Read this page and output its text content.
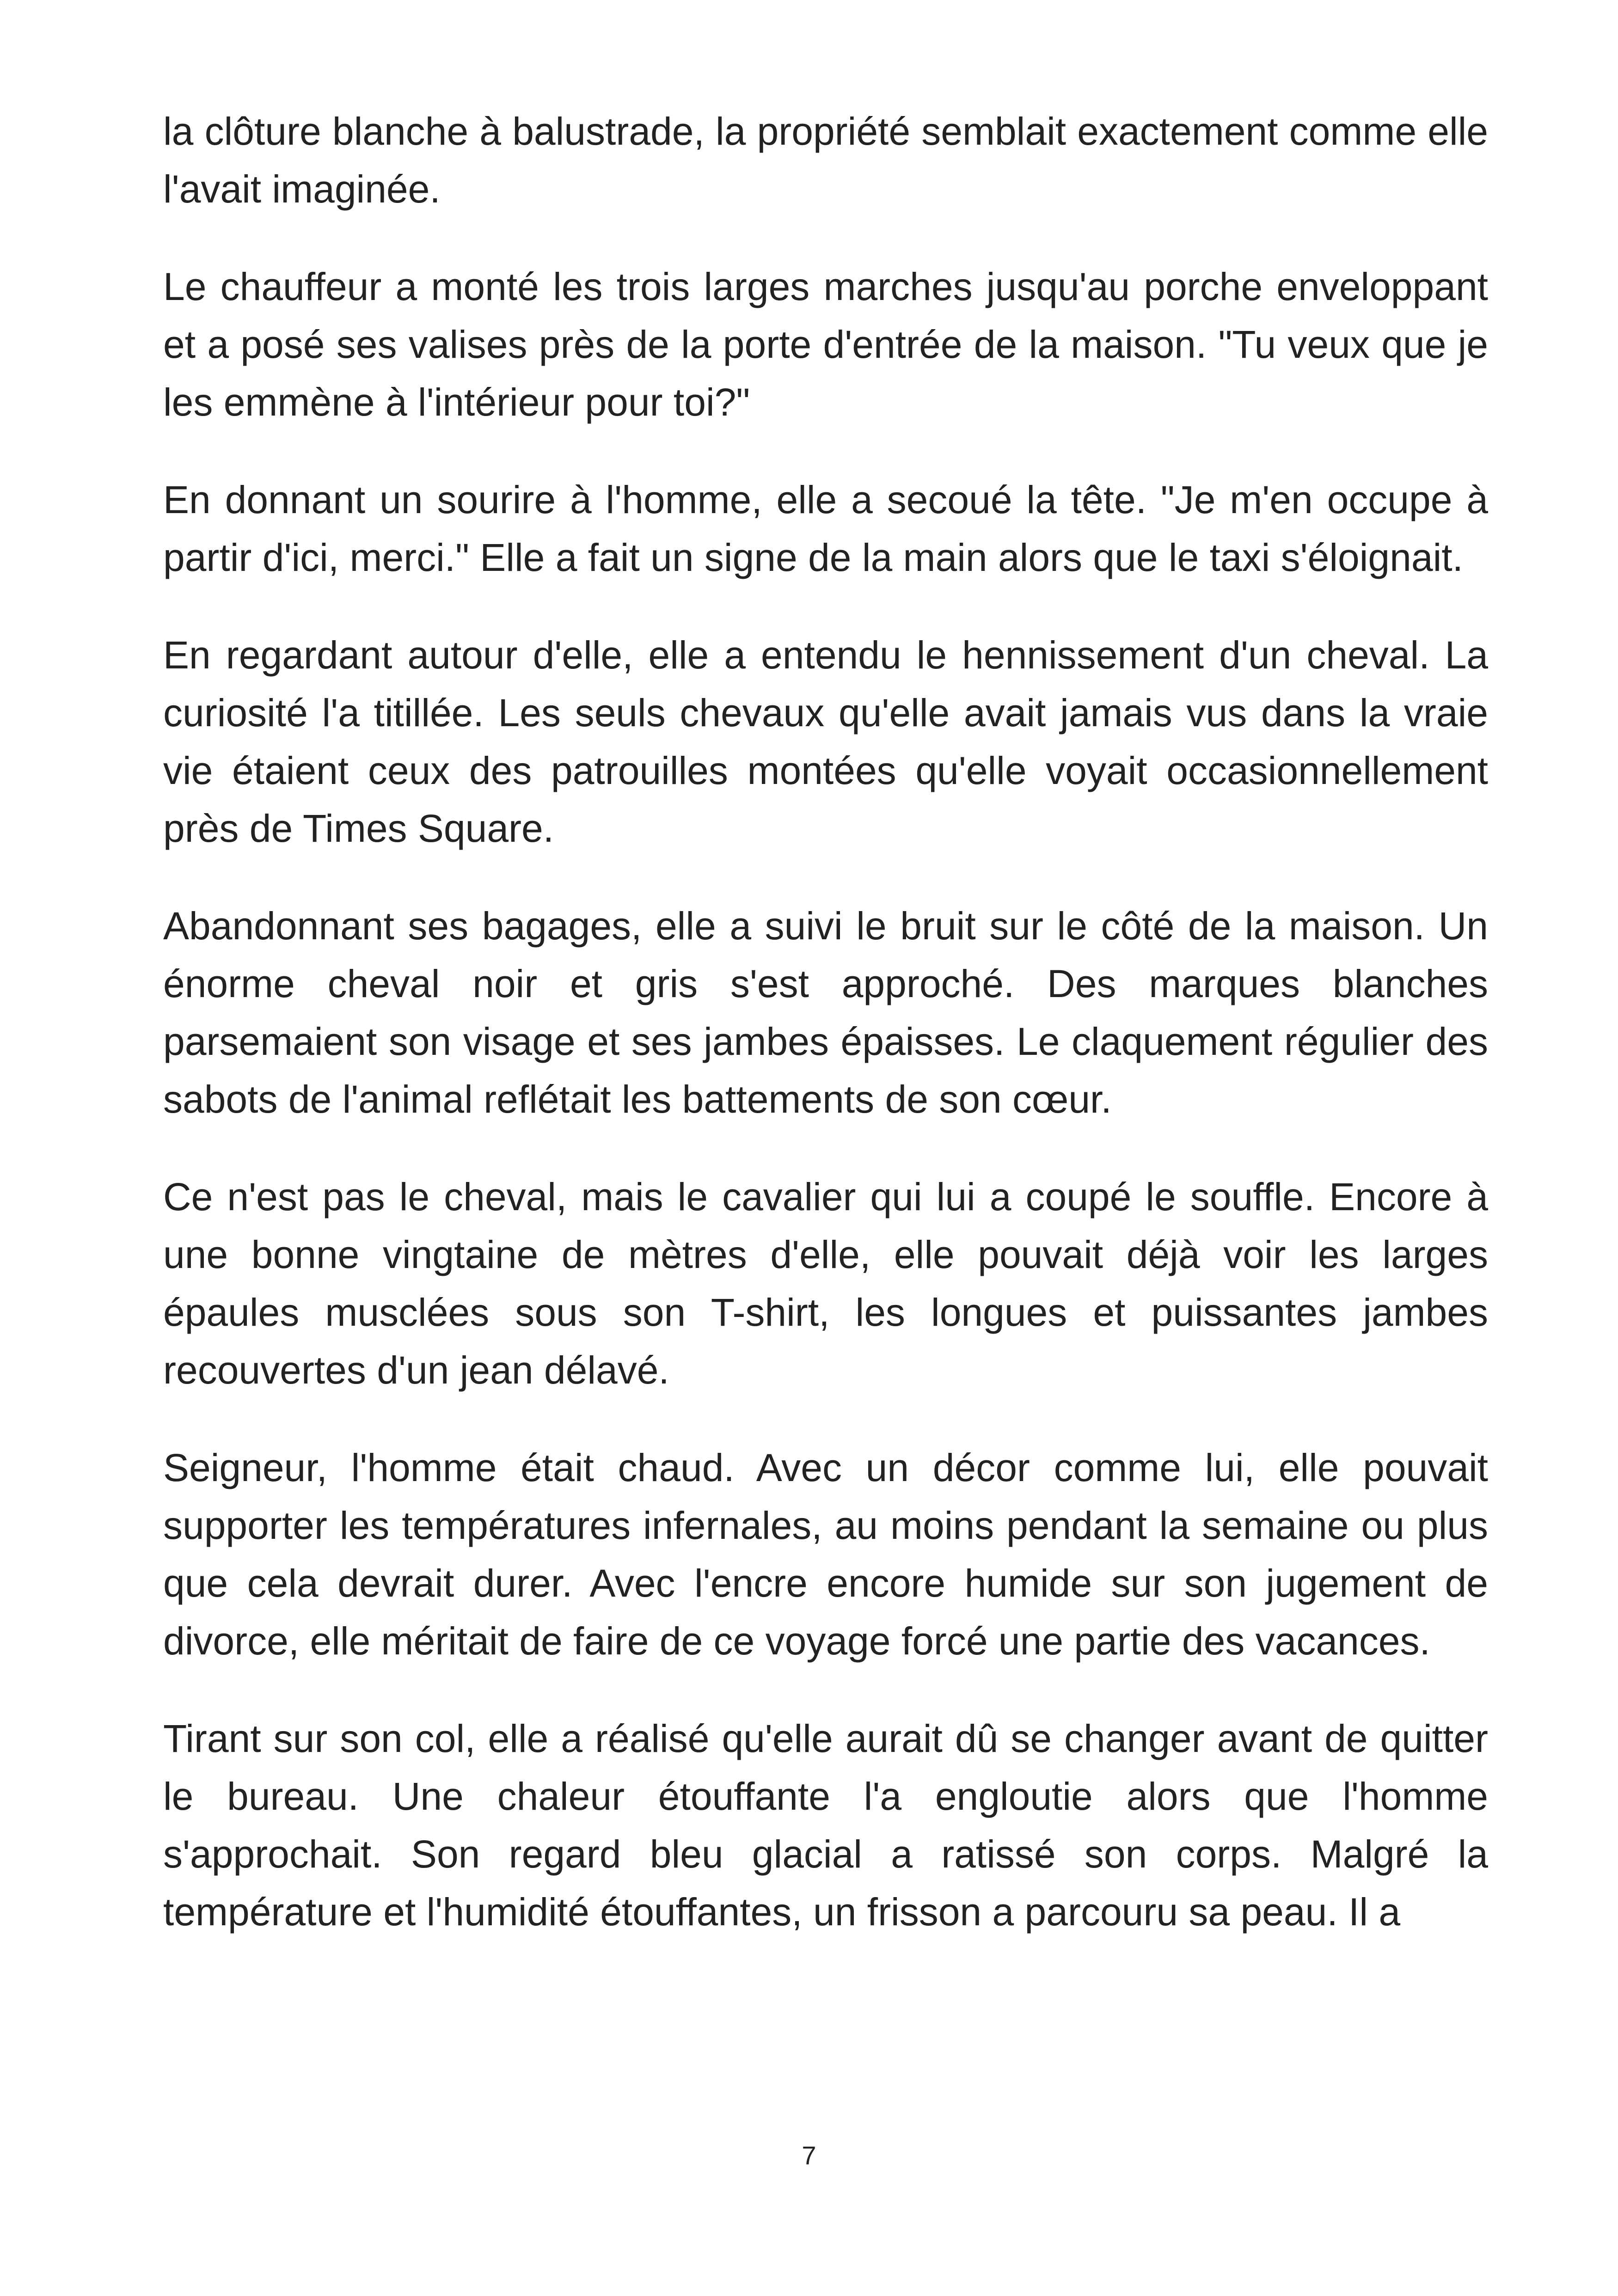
la clôture blanche à balustrade, la propriété semblait exactement comme elle l'avait imaginée.

Le chauffeur a monté les trois larges marches jusqu'au porche enveloppant et a posé ses valises près de la porte d'entrée de la maison. "Tu veux que je les emmène à l'intérieur pour toi?"

En donnant un sourire à l'homme, elle a secoué la tête. "Je m'en occupe à partir d'ici, merci." Elle a fait un signe de la main alors que le taxi s'éloignait.

En regardant autour d'elle, elle a entendu le hennissement d'un cheval. La curiosité l'a titillée. Les seuls chevaux qu'elle avait jamais vus dans la vraie vie étaient ceux des patrouilles montées qu'elle voyait occasionnellement près de Times Square.

Abandonnant ses bagages, elle a suivi le bruit sur le côté de la maison. Un énorme cheval noir et gris s'est approché. Des marques blanches parsemaient son visage et ses jambes épaisses. Le claquement régulier des sabots de l'animal reflétait les battements de son cœur.

Ce n'est pas le cheval, mais le cavalier qui lui a coupé le souffle. Encore à une bonne vingtaine de mètres d'elle, elle pouvait déjà voir les larges épaules musclées sous son T-shirt, les longues et puissantes jambes recouvertes d'un jean délavé.

Seigneur, l'homme était chaud. Avec un décor comme lui, elle pouvait supporter les températures infernales, au moins pendant la semaine ou plus que cela devrait durer. Avec l'encre encore humide sur son jugement de divorce, elle méritait de faire de ce voyage forcé une partie des vacances.

Tirant sur son col, elle a réalisé qu'elle aurait dû se changer avant de quitter le bureau. Une chaleur étouffante l'a engloutie alors que l'homme s'approchait. Son regard bleu glacial a ratissé son corps. Malgré la température et l'humidité étouffantes, un frisson a parcouru sa peau. Il a

7
